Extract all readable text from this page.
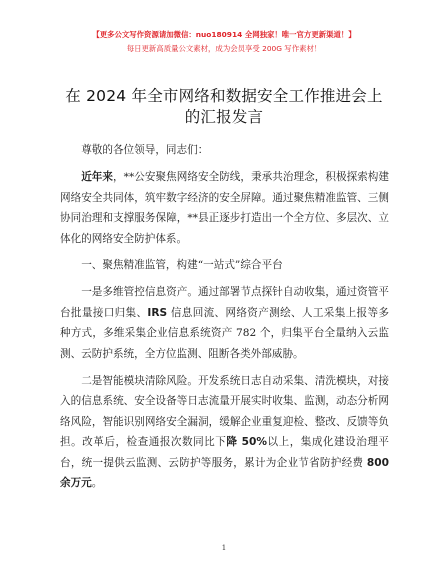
【更多公文写作资源请加微信：nuo180914 全网独家！唯一官方更新渠道！】
每日更新高质量公文素材，成为会员享受 200G 写作素材！
在 2024 年全市网络和数据安全工作推进会上的汇报发言

尊敬的各位领导，同志们：

近年来，**公安聚焦网络安全防线，秉承共治理念，积极探索构建网络安全共同体，筑牢数字经济的安全屏障。通过聚焦精准监管、三侧协同治理和支撑服务保障，**县正逐步打造出一个全方位、多层次、立体化的网络安全防护体系。

一、聚焦精准监管，构建“一站式”综合平台

一是多维管控信息资产。通过部署节点探针自动收集，通过资管平台批量接口归集、IRS 信息回流、网络资产测绘、人工采集上报等多种方式，多维采集企业信息系统资产 782 个，归集平台全量纳入云监测、云防护系统，全方位监测、阻断各类外部威胁。

二是智能模块清除风险。开发系统日志自动采集、清洗模块，对接入的信息系统、安全设备等日志流量开展实时收集、监测，动态分析网络风险，智能识别网络安全漏洞，缓解企业重复迎检、整改、反馈等负担。改革后，检查通报次数同比下降 50%以上，集成化建设治理平台，统一提供云监测、云防护等服务，累计为企业节省防护经费 800 余万元。

1
